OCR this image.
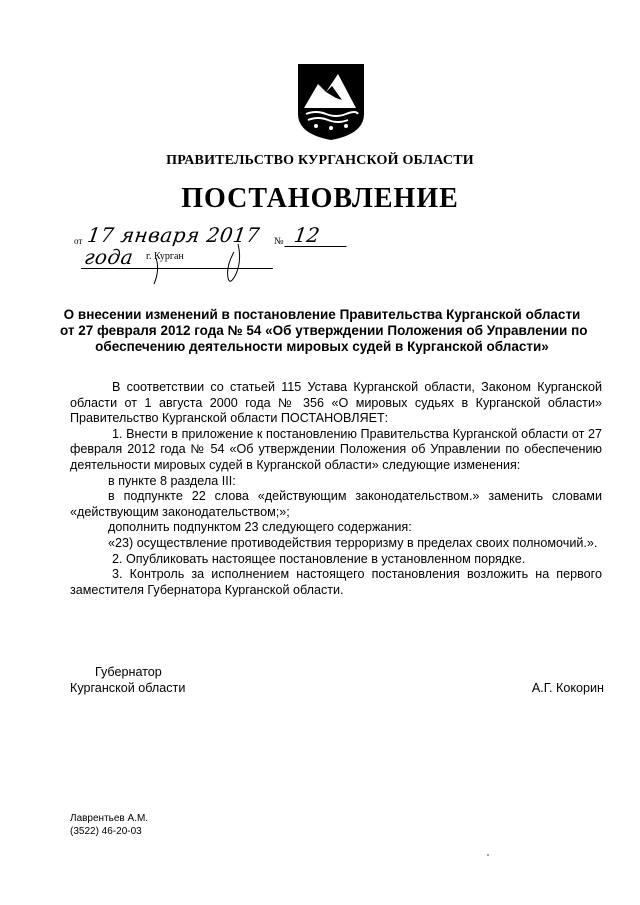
ПРАВИТЕЛЬСТВО КУРГАНСКОЙ ОБЛАСТИ
ПОСТАНОВЛЕНИЕ
от 17 января 2017 года
№ 12
г. Курган
О внесении изменений в постановление Правительства Курганской области
от 27 февраля 2012 года № 54 «Об утверждении Положения об Управлении по
обеспечению деятельности мировых судей в Курганской области»
В соответствии со статьей 115 Устава Курганской области, Законом Курганской области от 1 августа 2000 года № 356 «О мировых судьях в Курганской области» Правительство Курганской области ПОСТАНОВЛЯЕТ:
1. Внести в приложение к постановлению Правительства Курганской области от 27 февраля 2012 года № 54 «Об утверждении Положения об Управлении по обеспечению деятельности мировых судей в Курганской области» следующие изменения:
в пункте 8 раздела III:
в подпункте 22 слова «действующим законодательством.» заменить словами «действующим законодательством;»;
дополнить подпунктом 23 следующего содержания:
«23) осуществление противодействия терроризму в пределах своих полномочий.».
2. Опубликовать настоящее постановление в установленном порядке.
3. Контроль за исполнением настоящего постановления возложить на первого заместителя Губернатора Курганской области.
Губернатор
Курганской области	А.Г. Кокорин
Лаврентьев А.М.
(3522) 46-20-03
